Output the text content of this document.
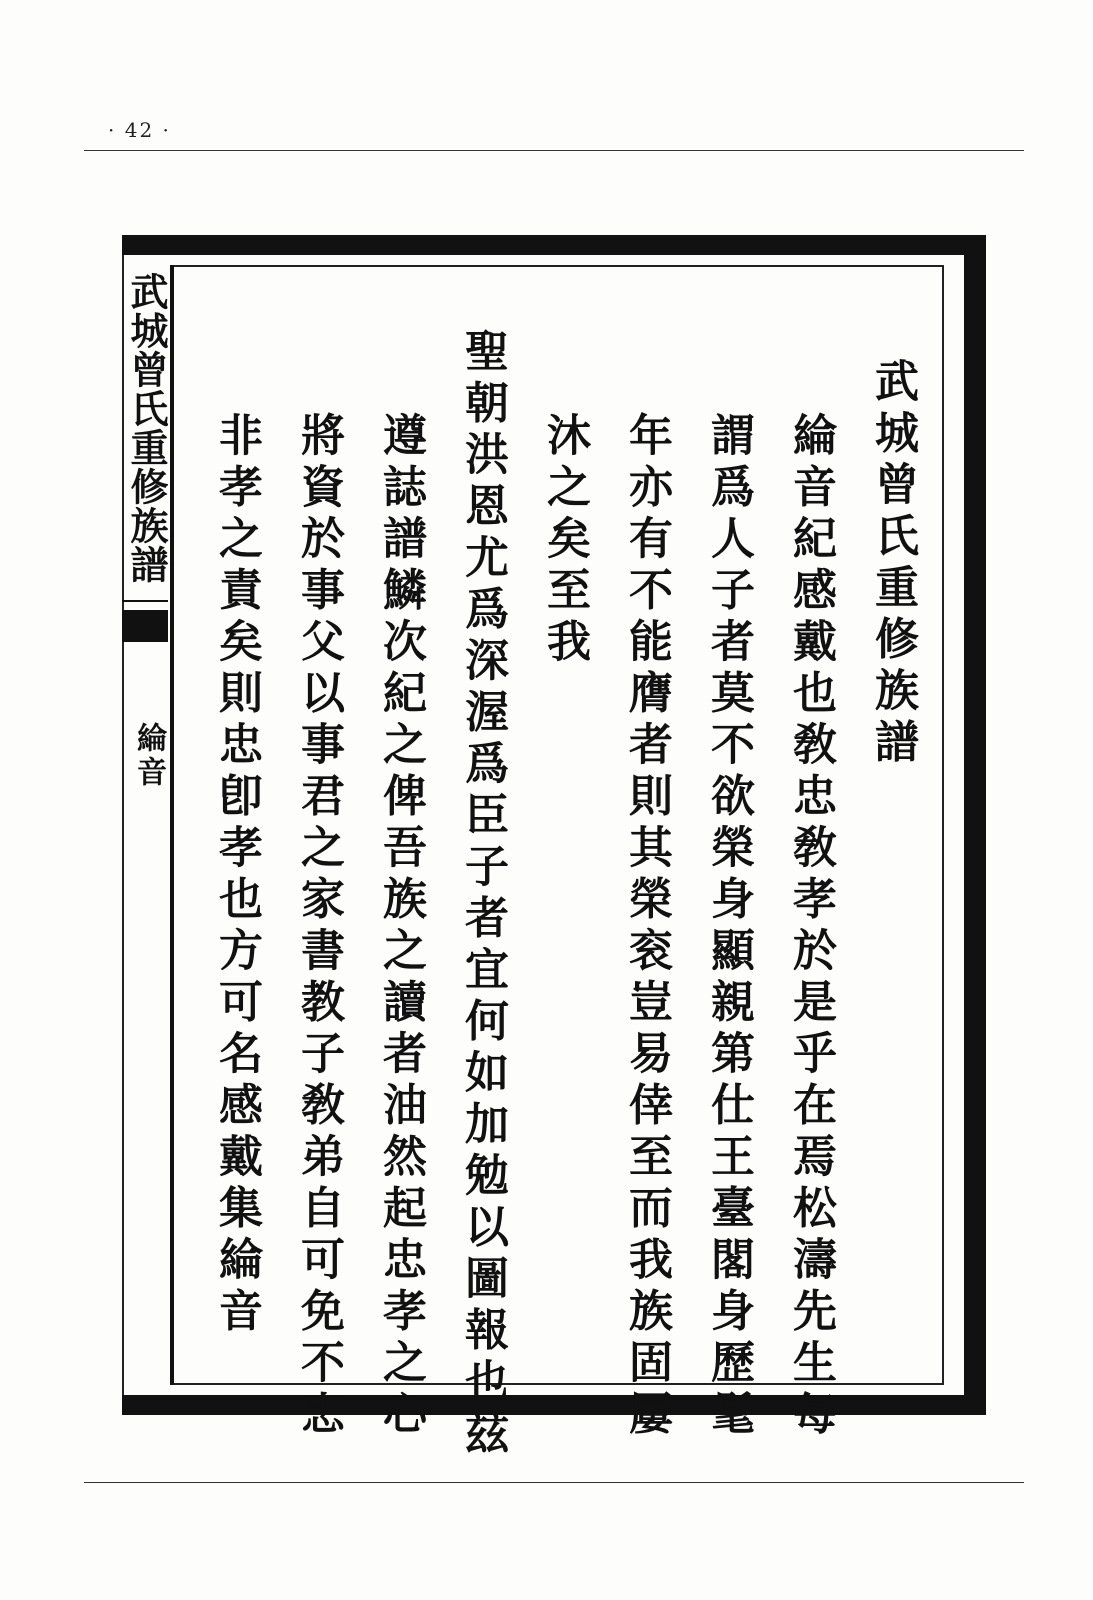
· 42 ·
武城曾氏重修族譜
綸音	武城曾氏重修族譜
綸音紀感戴也敎忠敎孝於是乎在焉松濤先生每
謂爲人子者莫不欲榮身顯親第仕王臺閣身歷髦
年亦有不能膺者則其榮衮豈易倖至而我族固屢
沐之矣至我
聖朝洪恩尤爲深渥爲臣子者宜何如加勉以圖報也玆
遵誌譜鱗次紀之俾吾族之讀者油然起忠孝之心
將資於事父以事君之家書教子敎弟自可免不忠
非孝之責矣則忠卽孝也方可名感戴集綸音
